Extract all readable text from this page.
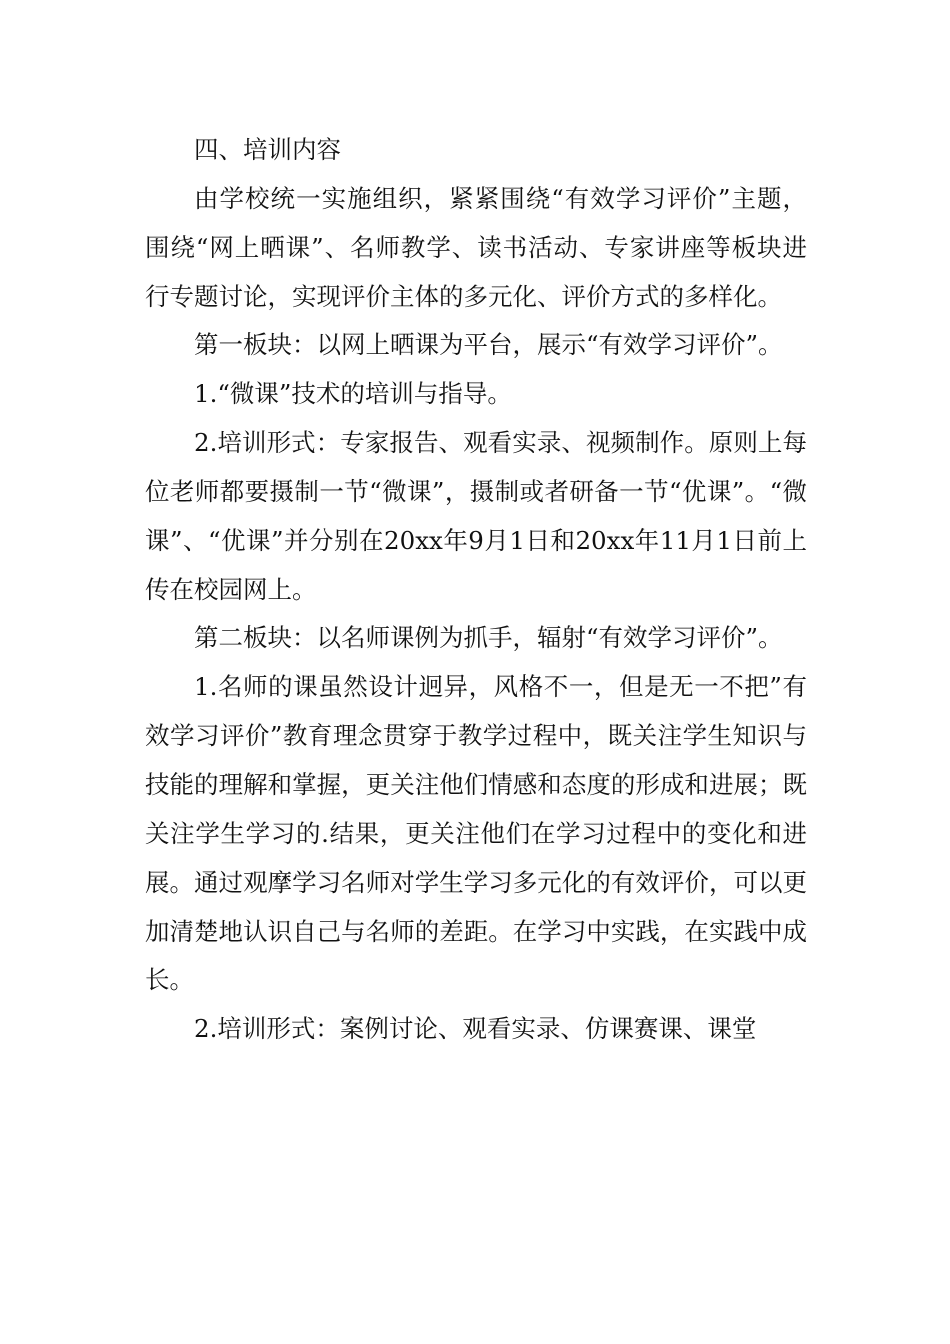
四、培训内容

由学校统一实施组织，紧紧围绕“有效学习评价”主题，围绕“网上晒课”、名师教学、读书活动、专家讲座等板块进行专题讨论，实现评价主体的多元化、评价方式的多样化。

第一板块：以网上晒课为平台，展示“有效学习评价”。

1.“微课”技术的培训与指导。

2.培训形式：专家报告、观看实录、视频制作。原则上每位老师都要摄制一节“微课”，摄制或者研备一节“优课”。“微课”、“优课”并分别在20xx年9月1日和20xx年11月1日前上传在校园网上。

第二板块：以名师课例为抓手，辐射“有效学习评价”。

1.名师的课虽然设计迥异，风格不一，但是无一不把”有效学习评价”教育理念贯穿于教学过程中，既关注学生知识与技能的理解和掌握，更关注他们情感和态度的形成和进展；既关注学生学习的.结果，更关注他们在学习过程中的变化和进展。通过观摩学习名师对学生学习多元化的有效评价，可以更加清楚地认识自己与名师的差距。在学习中实践，在实践中成长。

2.培训形式：案例讨论、观看实录、仿课赛课、课堂
